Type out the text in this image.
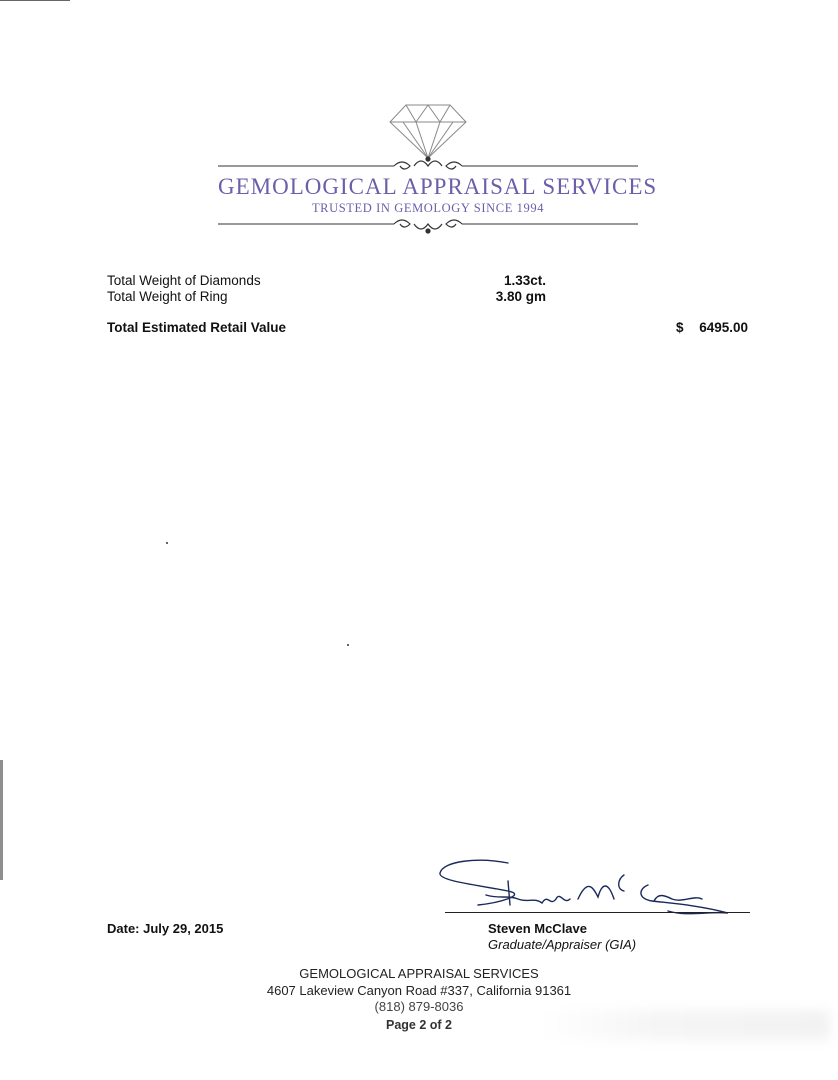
GEMOLOGICAL APPRAISAL SERVICES
TRUSTED IN GEMOLOGY SINCE 1994
Total Weight of Diamonds	1.33ct.
Total Weight of Ring	3.80 gm
Total Estimated Retail Value	$	6495.00
Steven McClave
Graduate/Appraiser (GIA)
Date: July 29, 2015
GEMOLOGICAL APPRAISAL SERVICES
4607 Lakeview Canyon Road #337, California 91361
(818) 879-8036
Page 2 of 2
